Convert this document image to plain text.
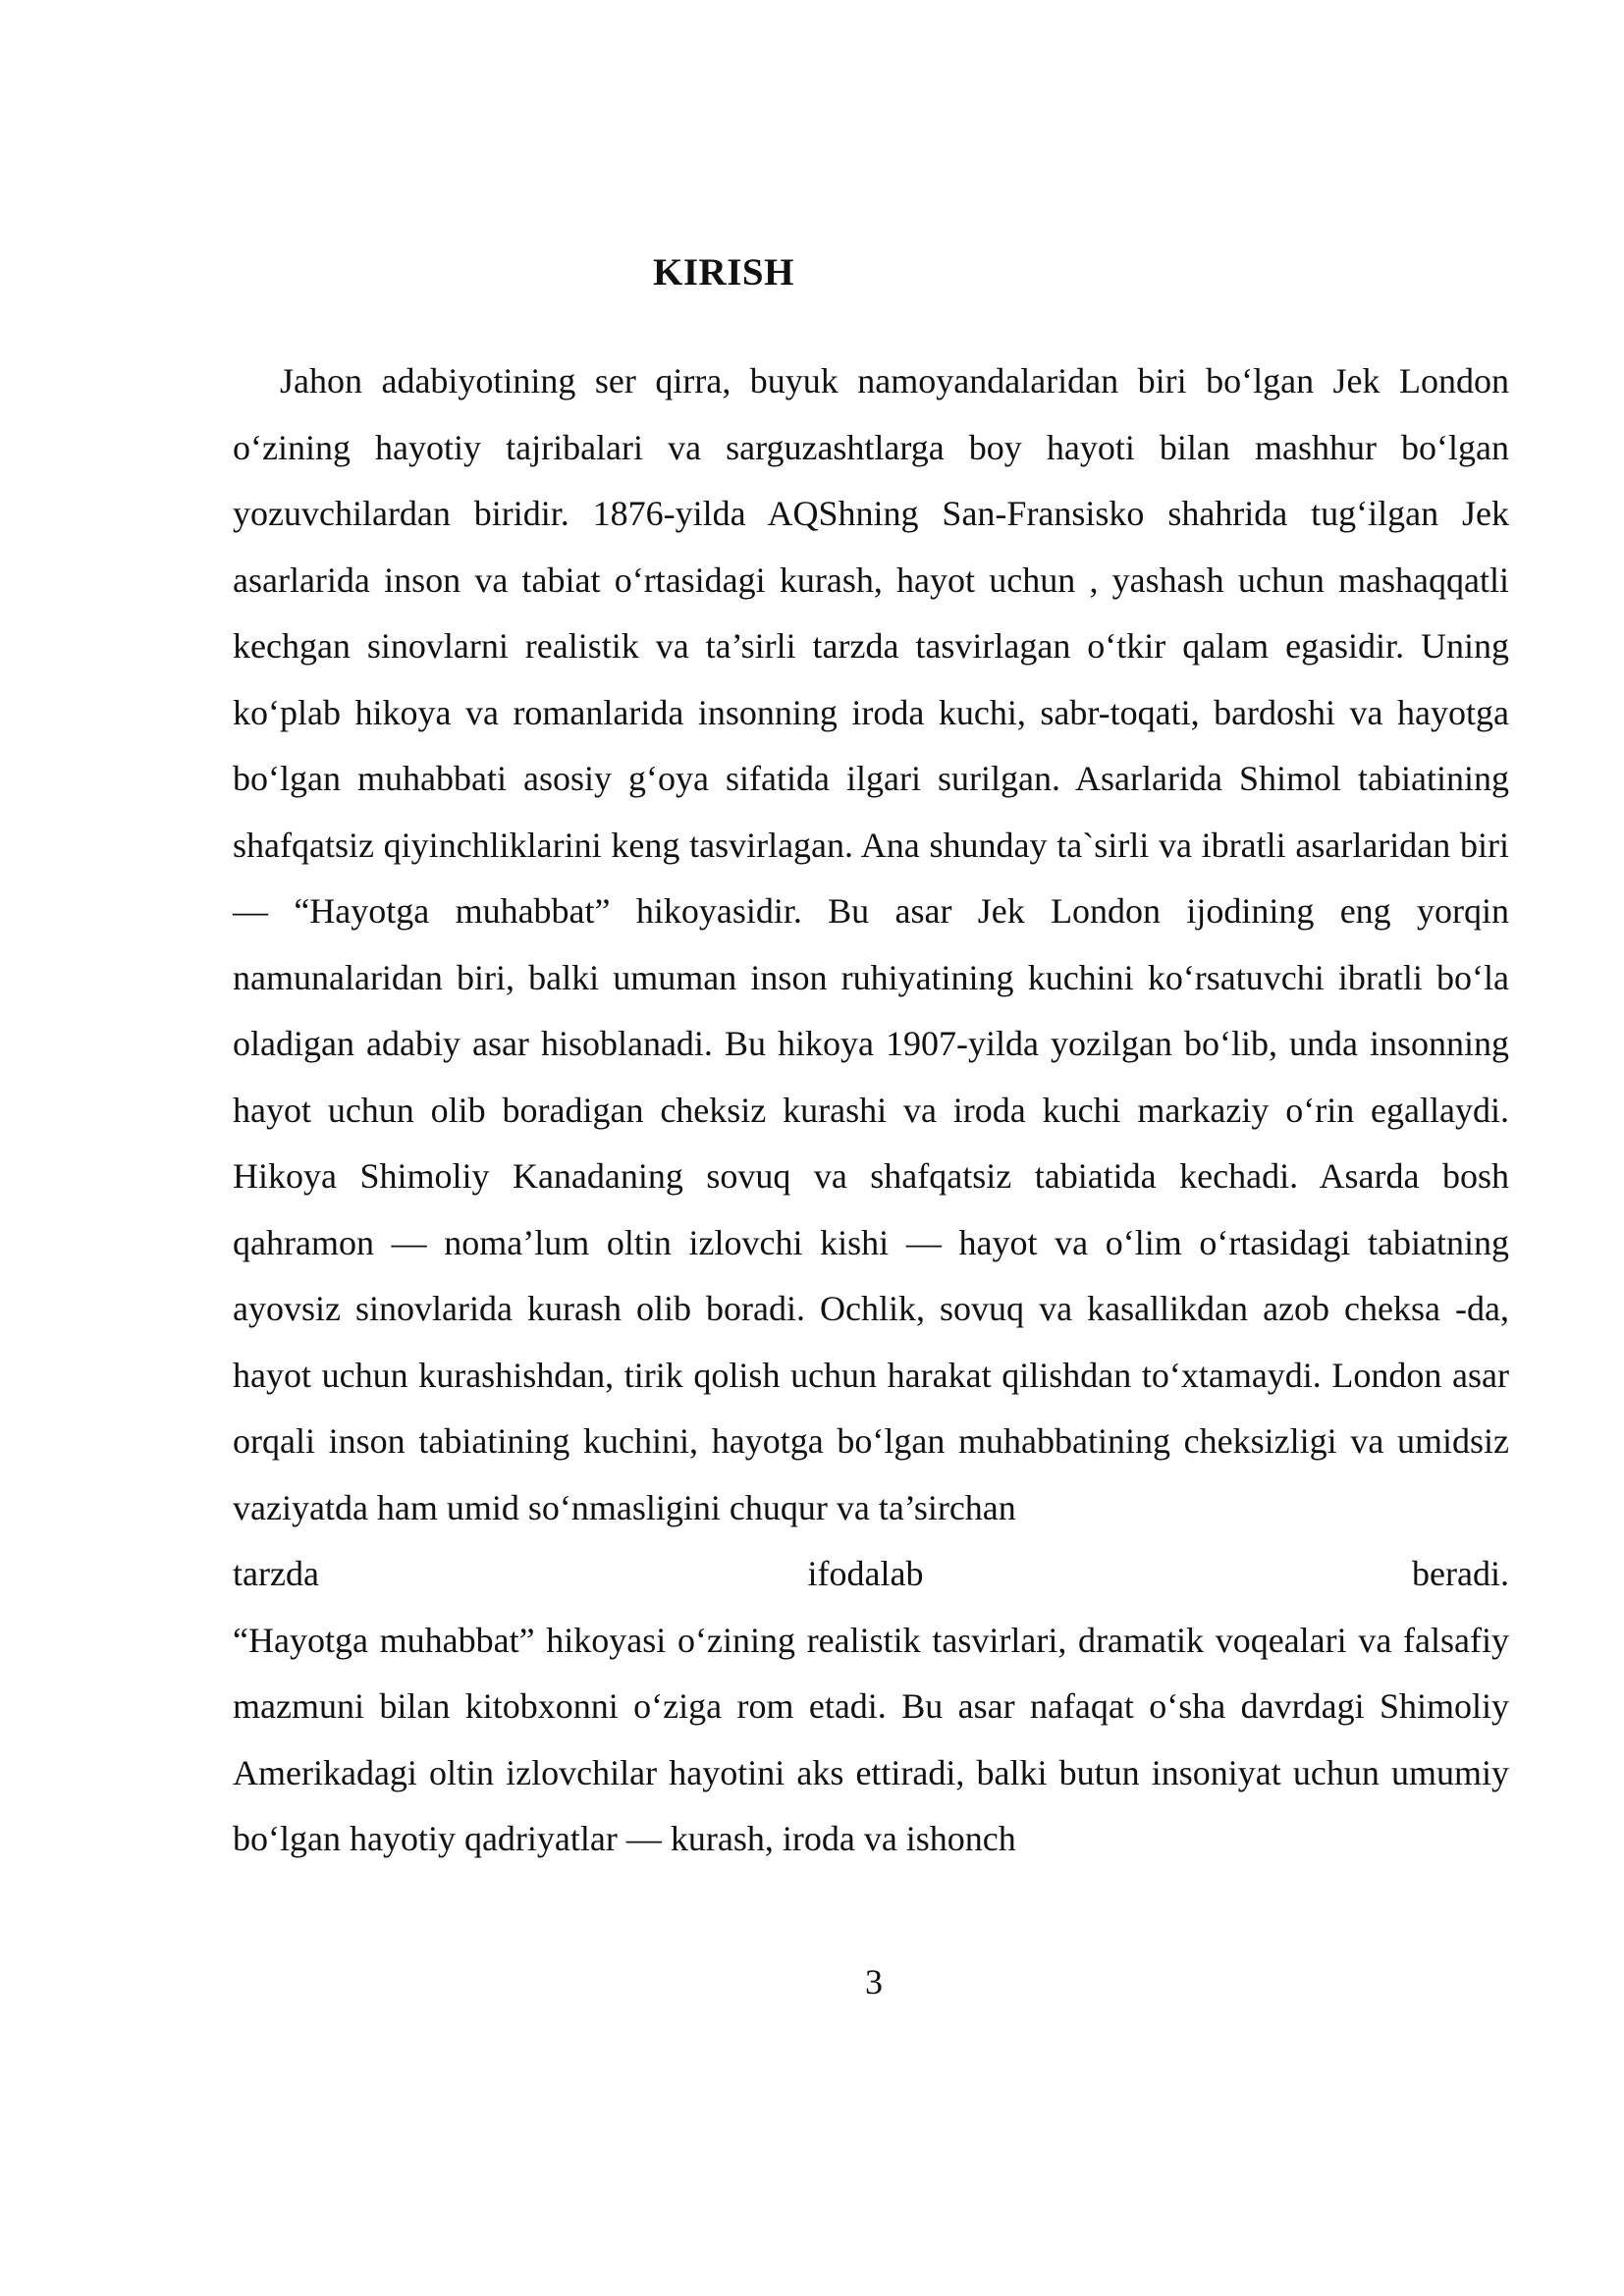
KIRISH

Jahon adabiyotining ser qirra, buyuk namoyandalaridan biri bo‘lgan Jek London o‘zining hayotiy tajribalari va sarguzashtlarga boy hayoti bilan mashhur bo‘lgan yozuvchilardan biridir. 1876-yilda AQShning San-Fransisko shahrida tug‘ilgan Jek asarlarida inson va tabiat o‘rtasidagi kurash, hayot uchun , yashash uchun mashaqqatli kechgan sinovlarni realistik va ta’sirli tarzda tasvirlagan o‘tkir qalam egasidir. Uning ko‘plab hikoya va romanlarida insonning iroda kuchi, sabr-toqati, bardoshi va hayotga bo‘lgan muhabbati asosiy g‘oya sifatida ilgari surilgan. Asarlarida Shimol tabiatining shafqatsiz qiyinchliklarini keng tasvirlagan. Ana shunday ta`sirli va ibratli asarlaridan biri — “Hayotga muhabbat” hikoyasidir. Bu asar Jek London ijodining eng yorqin namunalaridan biri, balki umuman inson ruhiyatining kuchini ko‘rsatuvchi ibratli bo‘la oladigan adabiy asar hisoblanadi. Bu hikoya 1907-yilda yozilgan bo‘lib, unda insonning hayot uchun olib boradigan cheksiz kurashi va iroda kuchi markaziy o‘rin egallaydi. Hikoya Shimoliy Kanadaning sovuq va shafqatsiz tabiatida kechadi. Asarda bosh qahramon — noma’lum oltin izlovchi kishi — hayot va o‘lim o‘rtasidagi tabiatning ayovsiz sinovlarida kurash olib boradi. Ochlik, sovuq va kasallikdan azob cheksa -da, hayot uchun kurashishdan, tirik qolish uchun harakat qilishdan to‘xtamaydi. London asar orqali inson tabiatining kuchini, hayotga bo‘lgan muhabbatining cheksizligi va umidsiz vaziyatda ham umid so‘nmasligini chuqur va ta’sirchan

tarzda	ifodalab	beradi.

“Hayotga muhabbat” hikoyasi o‘zining realistik tasvirlari, dramatik voqealari va falsafiy mazmuni bilan kitobxonni o‘ziga rom etadi. Bu asar nafaqat o‘sha davrdagi Shimoliy Amerikadagi oltin izlovchilar hayotini aks ettiradi, balki butun insoniyat uchun umumiy bo‘lgan hayotiy qadriyatlar — kurash, iroda va ishonch

3
